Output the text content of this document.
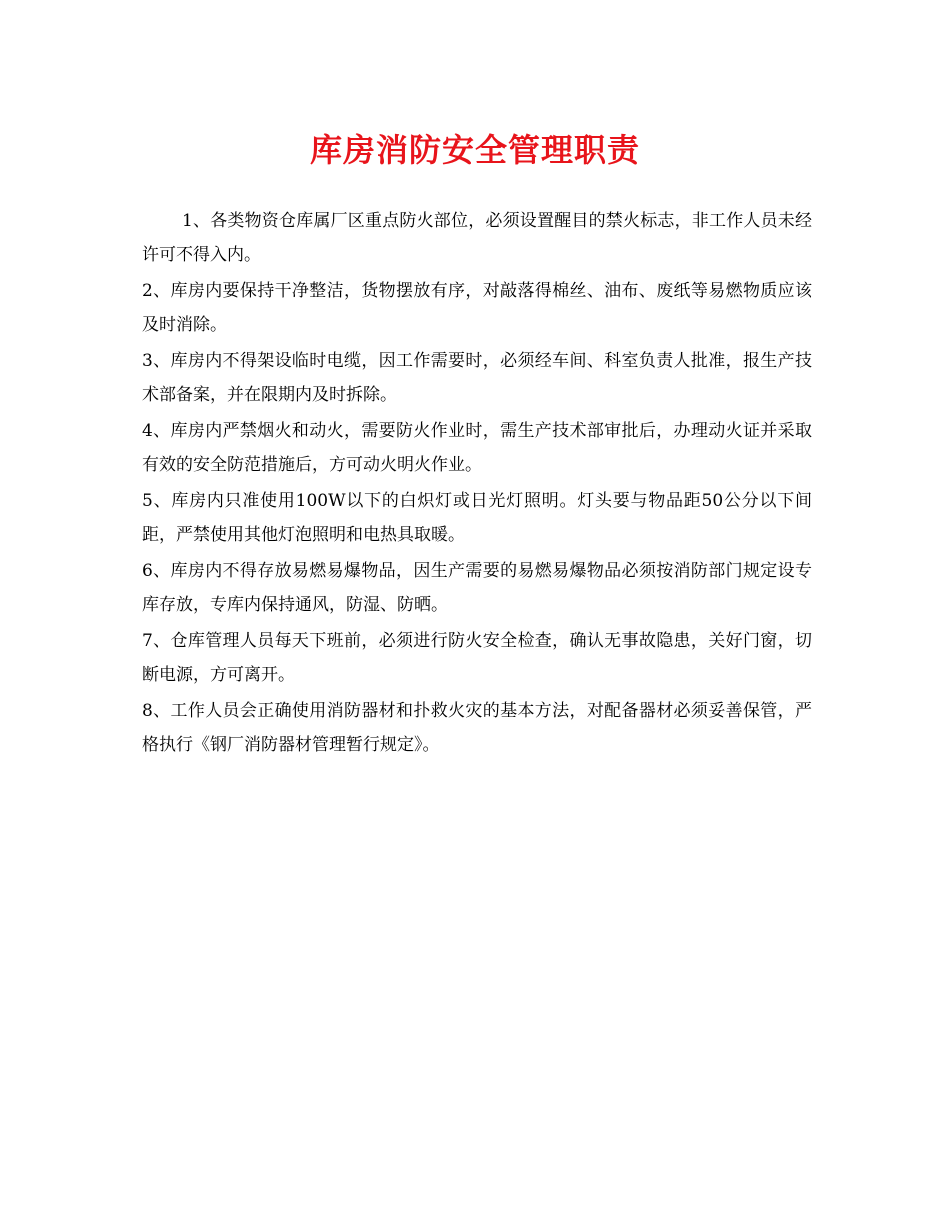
库房消防安全管理职责

1、各类物资仓库属厂区重点防火部位，必须设置醒目的禁火标志，非工作人员未经许可不得入内。

2、库房内要保持干净整洁，货物摆放有序，对敲落得棉丝、油布、废纸等易燃物质应该及时消除。

3、库房内不得架设临时电缆，因工作需要时，必须经车间、科室负责人批准，报生产技术部备案，并在限期内及时拆除。

4、库房内严禁烟火和动火，需要防火作业时，需生产技术部审批后，办理动火证并采取有效的安全防范措施后，方可动火明火作业。

5、库房内只准使用100W以下的白炽灯或日光灯照明。灯头要与物品距50公分以下间距，严禁使用其他灯泡照明和电热具取暖。

6、库房内不得存放易燃易爆物品，因生产需要的易燃易爆物品必须按消防部门规定设专库存放，专库内保持通风，防湿、防晒。

7、仓库管理人员每天下班前，必须进行防火安全检查，确认无事故隐患，关好门窗，切断电源，方可离开。

8、工作人员会正确使用消防器材和扑救火灾的基本方法，对配备器材必须妥善保管，严格执行《钢厂消防器材管理暂行规定》。
